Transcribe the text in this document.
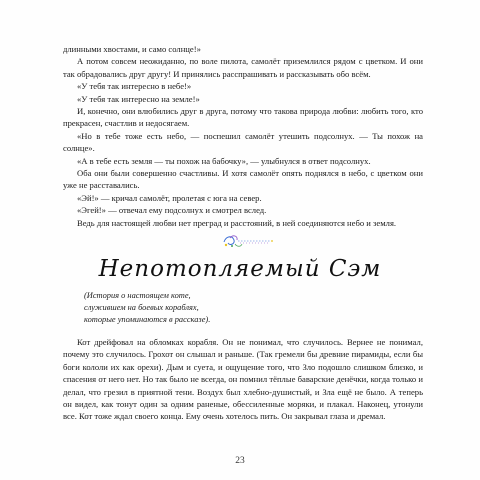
длинными хвостами, и само солнце!»

А потом совсем неожиданно, по воле пилота, самолёт приземлился рядом с цветком. И они так обрадовались друг другу! И принялись расспрашивать и рассказывать обо всём.

«У тебя так интересно в небе!»

«У тебя так интересно на земле!»

И, конечно, они влюбились друг в друга, потому что такова природа любви: любить того, кто прекрасен, счастлив и недосягаем.

«Но в тебе тоже есть небо, — поспешил самолёт утешить подсолнух. — Ты похож на солнце».

«А в тебе есть земля — ты похож на бабочку», — улыбнулся в ответ подсолнух.

Оба они были совершенно счастливы. И хотя самолёт опять поднялся в небо, с цветком они уже не расставались.

«Эй!» — кричал самолёт, пролетая с юга на север.

«Эгей!» — отвечал ему подсолнух и смотрел вслед.

Ведь для настоящей любви нет преград и расстояний, в ней соединяются небо и земля.

Непотопляемый Сэм
(История о настоящем коте,
служившем на боевых кораблях,
которые упоминаются в рассказе).

Кот дрейфовал на обломках корабля. Он не понимал, что случилось. Вернее не понимал, почему это случилось. Грохот он слышал и раньше. (Так гремели бы древние пирамиды, если бы боги кололи их как орехи). Дым и суета, и ощущение того, что Зло подошло слишком близко, и спасения от него нет. Но так было не всегда, он помнил тёплые баварские денёчки, когда только и делал, что грезил в приятной тени. Воздух был хлебно-душистый, и Зла ещё не было. А теперь он видел, как тонут один за одним раненые, обессиленные моряки, и плакал. Наконец, утонули все. Кот тоже ждал своего конца. Ему очень хотелось пить. Он закрывал глаза и дремал.

23
